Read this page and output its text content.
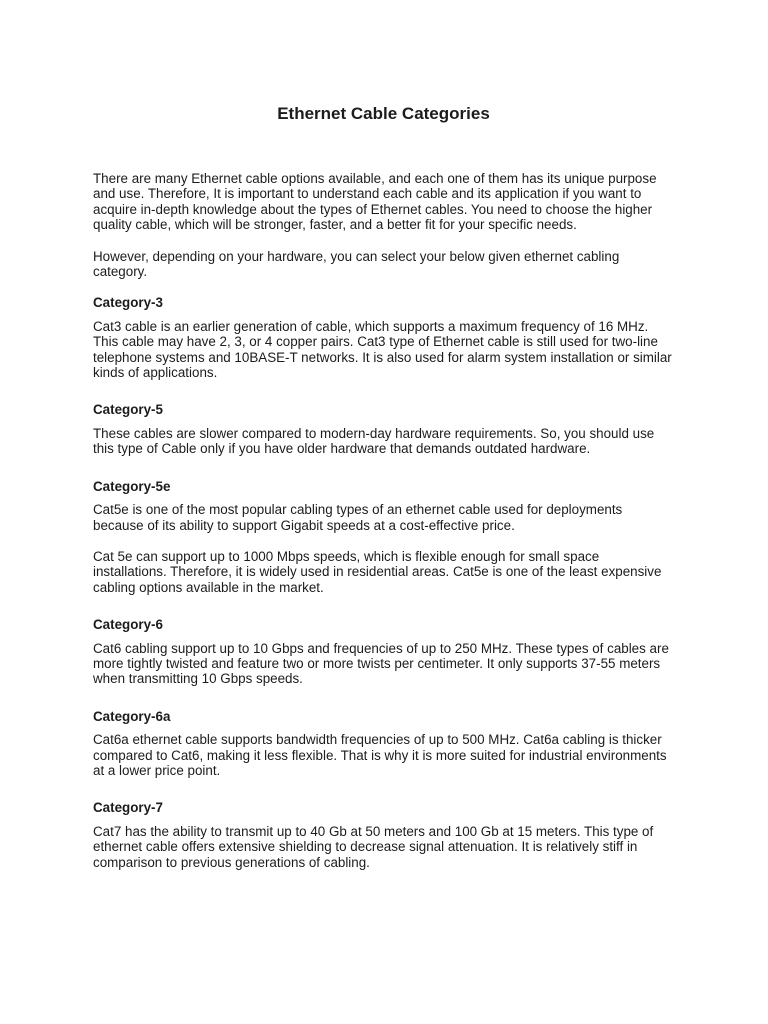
Ethernet Cable Categories

There are many Ethernet cable options available, and each one of them has its unique purpose and use. Therefore, It is important to understand each cable and its application if you want to acquire in-depth knowledge about the types of Ethernet cables. You need to choose the higher quality cable, which will be stronger, faster, and a better fit for your specific needs.

However, depending on your hardware, you can select your below given ethernet cabling category.

Category-3

Cat3 cable is an earlier generation of cable, which supports a maximum frequency of 16 MHz. This cable may have 2, 3, or 4 copper pairs. Cat3 type of Ethernet cable is still used for two-line telephone systems and 10BASE-T networks. It is also used for alarm system installation or similar kinds of applications.

Category-5

These cables are slower compared to modern-day hardware requirements. So, you should use this type of Cable only if you have older hardware that demands outdated hardware.

Category-5e

Cat5e is one of the most popular cabling types of an ethernet cable used for deployments because of its ability to support Gigabit speeds at a cost-effective price.

Cat 5e can support up to 1000 Mbps speeds, which is flexible enough for small space installations. Therefore, it is widely used in residential areas. Cat5e is one of the least expensive cabling options available in the market.

Category-6

Cat6 cabling support up to 10 Gbps and frequencies of up to 250 MHz. These types of cables are more tightly twisted and feature two or more twists per centimeter. It only supports 37-55 meters when transmitting 10 Gbps speeds.

Category-6a

Cat6a ethernet cable supports bandwidth frequencies of up to 500 MHz. Cat6a cabling is thicker compared to Cat6, making it less flexible. That is why it is more suited for industrial environments at a lower price point.

Category-7

Cat7 has the ability to transmit up to 40 Gb at 50 meters and 100 Gb at 15 meters. This type of ethernet cable offers extensive shielding to decrease signal attenuation. It is relatively stiff in comparison to previous generations of cabling.
